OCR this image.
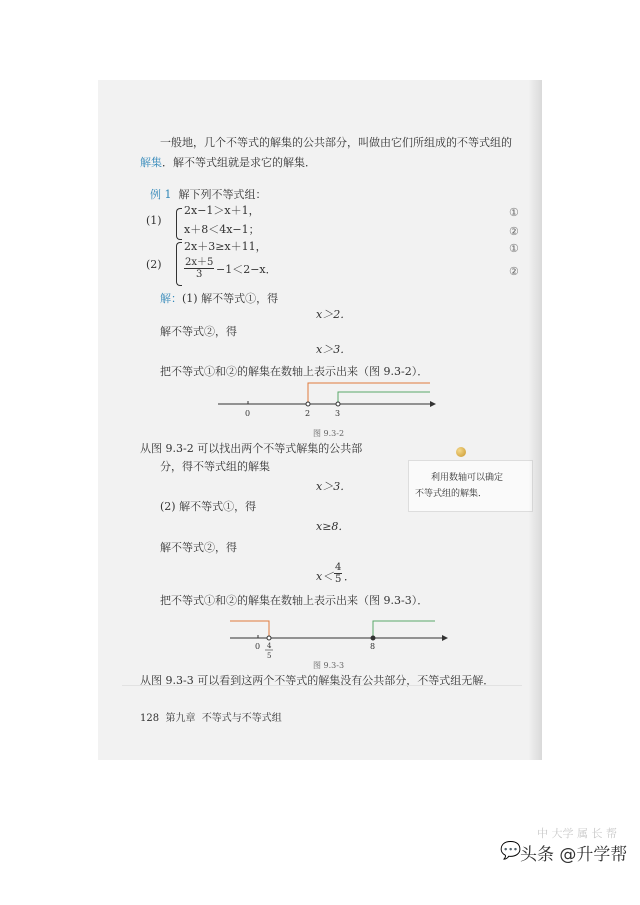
一般地，几个不等式的解集的公共部分，叫做由它们所组成的不等式组的
解集．解不等式组就是求它的解集．
例 1 解下列不等式组：
(1)
2x−1＞x＋1，
x＋8＜4x−1；
①
②
(2)
2x＋3≥x＋11，
$\frac{2x+5}{3} -1<2-x$．
①
②
解：(1) 解不等式①，得
x＞2．
解不等式②，得
x＞3．
把不等式①和②的解集在数轴上表示出来（图 9.3-2）．
0	2	3
图 9.3-2
从图 9.3-2 可以找出两个不等式解集的公共部
分，得不等式组的解集
x＞3．
利用数轴可以确定
不等式组的解集．
(2) 解不等式①，得
x≥8．
解不等式②，得
$x< \frac{4}{5}$ ．
把不等式①和②的解集在数轴上表示出来（图 9.3-3）．
0 4
5
8
图 9.3-3
从图 9.3-3 可以看到这两个不等式的解集没有公共部分，不等式组无解．
128 第九章 不等式与不等式组
中 大学 属 长 帮
💬
头条 @升学帮
